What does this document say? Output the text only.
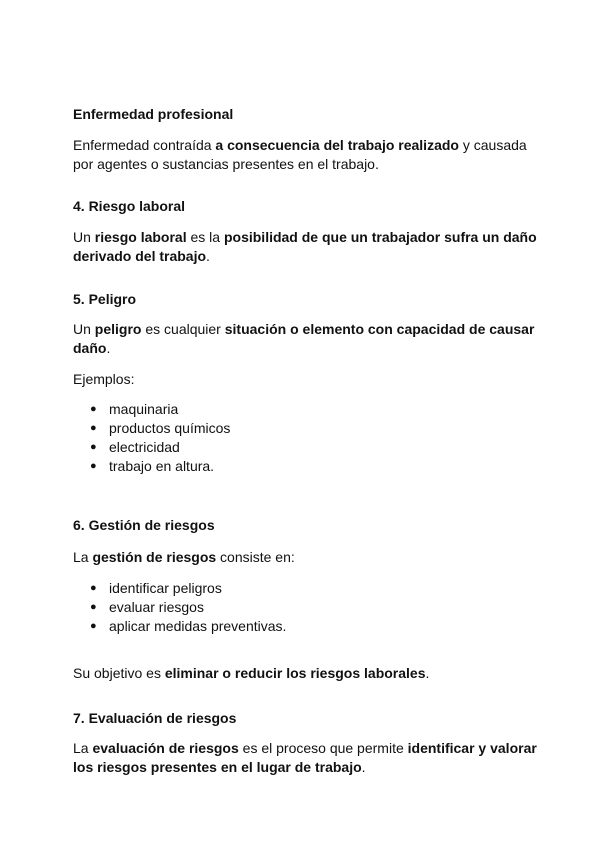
Enfermedad profesional

Enfermedad contraída a consecuencia del trabajo realizado y causada por agentes o sustancias presentes en el trabajo.

4. Riesgo laboral

Un riesgo laboral es la posibilidad de que un trabajador sufra un daño derivado del trabajo.

5. Peligro

Un peligro es cualquier situación o elemento con capacidad de causar daño.

Ejemplos:

● maquinaria
● productos químicos
● electricidad
● trabajo en altura.
6. Gestión de riesgos

La gestión de riesgos consiste en:

● identificar peligros
● evaluar riesgos
● aplicar medidas preventivas.

Su objetivo es eliminar o reducir los riesgos laborales.

7. Evaluación de riesgos

La evaluación de riesgos es el proceso que permite identificar y valorar los riesgos presentes en el lugar de trabajo.
